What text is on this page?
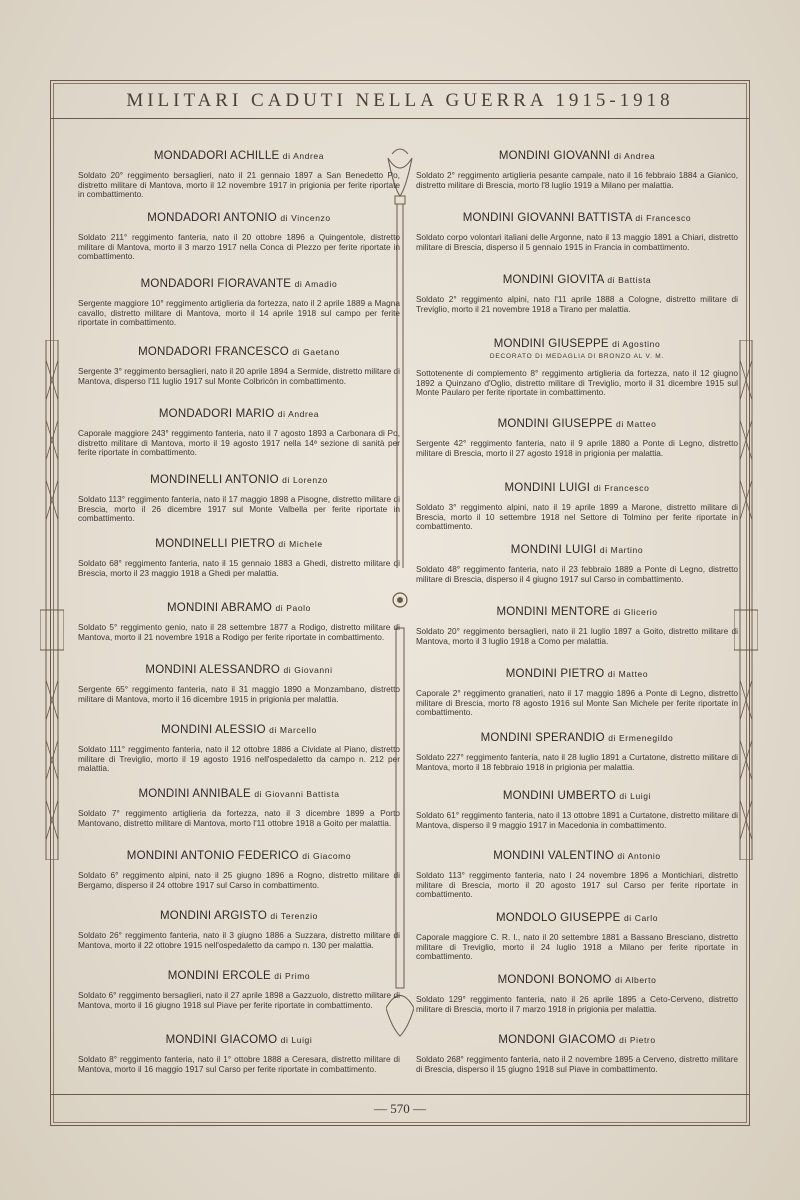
MILITARI CADUTI NELLA GUERRA 1915-1918
— 570 —
MONDADORI ACHILLE di Andrea

Soldato 20° reggimento bersaglieri, nato il 21 gennaio 1897 a San Benedetto Po, distretto militare di Mantova, morto il 12 novembre 1917 in prigionia per ferite riportate in combattimento.

MONDADORI ANTONIO di Vincenzo

Soldato 211° reggimento fanteria, nato il 20 ottobre 1896 a Quingentole, distretto militare di Mantova, morto il 3 marzo 1917 nella Conca di Plezzo per ferite riportate in combattimento.

MONDADORI FIORAVANTE di Amadio

Sergente maggiore 10° reggimento artiglieria da fortezza, nato il 2 aprile 1889 a Magna cavallo, distretto militare di Mantova, morto il 14 aprile 1918 sul campo per ferite riportate in combattimento.

MONDADORI FRANCESCO di Gaetano

Sergente 3° reggimento bersaglieri, nato il 20 aprile 1894 a Sermide, distretto militare di Mantova, disperso l'11 luglio 1917 sul Monte Colbricòn in combattimento.

MONDADORI MARIO di Andrea

Caporale maggiore 243° reggimento fanteria, nato il 7 agosto 1893 a Carbonara di Po, distretto militare di Mantova, morto il 19 agosto 1917 nella 14ª sezione di sanità per ferite riportate in combattimento.

MONDINELLI ANTONIO di Lorenzo

Soldato 113° reggimento fanteria, nato il 17 maggio 1898 a Pisogne, distretto militare di Brescia, morto il 26 dicembre 1917 sul Monte Valbella per ferite riportate in combattimento.

MONDINELLI PIETRO di Michele

Soldato 68° reggimento fanteria, nato il 15 gennaio 1883 a Ghedi, distretto militare di Brescia, morto il 23 maggio 1918 a Ghedi per malattia.

MONDINI ABRAMO di Paolo

Soldato 5° reggimento genio, nato il 28 settembre 1877 a Rodigo, distretto militare di Mantova, morto il 21 novembre 1918 a Rodigo per ferite riportate in combattimento.

MONDINI ALESSANDRO di Giovanni

Sergente 65° reggimento fanteria, nato il 31 maggio 1890 a Monzambano, distretto militare di Mantova, morto il 16 dicembre 1915 in prigionia per malattia.

MONDINI ALESSIO di Marcello

Soldato 111° reggimento fanteria, nato il 12 ottobre 1886 a Cividate al Piano, distretto militare di Treviglio, morto il 19 agosto 1916 nell'ospedaletto da campo n. 212 per malattia.

MONDINI ANNIBALE di Giovanni Battista

Soldato 7° reggimento artiglieria da fortezza, nato il 3 dicembre 1899 a Porto Mantovano, distretto militare di Mantova, morto l'11 ottobre 1918 a Goito per malattia.

MONDINI ANTONIO FEDERICO di Giacomo

Soldato 6° reggimento alpini, nato il 25 giugno 1896 a Rogno, distretto militare di Bergamo, disperso il 24 ottobre 1917 sul Carso in combattimento.

MONDINI ARGISTO di Terenzio

Soldato 26° reggimento fanteria, nato il 3 giugno 1886 a Suzzara, distretto militare di Mantova, morto il 22 ottobre 1915 nell'ospedaletto da campo n. 130 per malattia.

MONDINI ERCOLE di Primo

Soldato 6° reggimento bersaglieri, nato il 27 aprile 1898 a Gazzuolo, distretto militare di Mantova, morto il 16 giugno 1918 sul Piave per ferite riportate in combattimento.

MONDINI GIACOMO di Luigi

Soldato 8° reggimento fanteria, nato il 1° ottobre 1888 a Ceresara, distretto militare di Mantova, morto il 16 maggio 1917 sul Carso per ferite riportate in combattimento.

MONDINI GIOVANNI di Andrea

Soldato 2° reggimento artiglieria pesante campale, nato il 16 febbraio 1884 a Gianico, distretto militare di Brescia, morto l'8 luglio 1919 a Milano per malattia.

MONDINI GIOVANNI BATTISTA di Francesco

Soldato corpo volontari italiani delle Argonne, nato il 13 maggio 1891 a Chiari, distretto militare di Brescia, disperso il 5 gennaio 1915 in Francia in combattimento.

MONDINI GIOVITA di Battista

Soldato 2° reggimento alpini, nato l'11 aprile 1888 a Cologne, distretto militare di Treviglio, morto il 21 novembre 1918 a Tirano per malattia.

MONDINI GIUSEPPE di Agostino
DECORATO DI MEDAGLIA DI BRONZO AL V. M.

Sottotenente di complemento 8° reggimento artiglieria da fortezza, nato il 12 giugno 1892 a Quinzano d'Oglio, distretto militare di Treviglio, morto il 31 dicembre 1915 sul Monte Paularo per ferite riportate in combattimento.

MONDINI GIUSEPPE di Matteo

Sergente 42° reggimento fanteria, nato il 9 aprile 1880 a Ponte di Legno, distretto militare di Brescia, morto il 27 agosto 1918 in prigionia per malattia.

MONDINI LUIGI di Francesco

Soldato 3° reggimento alpini, nato il 19 aprile 1899 a Marone, distretto militare di Brescia, morto il 10 settembre 1918 nel Settore di Tolmino per ferite riportate in combattimento.

MONDINI LUIGI di Martino

Soldato 48° reggimento fanteria, nato il 23 febbraio 1889 a Ponte di Legno, distretto militare di Brescia, disperso il 4 giugno 1917 sul Carso in combattimento.

MONDINI MENTORE di Glicerio

Soldato 20° reggimento bersaglieri, nato il 21 luglio 1897 a Goito, distretto militare di Mantova, morto il 3 luglio 1918 a Como per malattia.

MONDINI PIETRO di Matteo

Caporale 2° reggimento granatieri, nato il 17 maggio 1896 a Ponte di Legno, distretto militare di Brescia, morto l'8 agosto 1916 sul Monte San Michele per ferite riportate in combattimento.

MONDINI SPERANDIO di Ermenegildo

Soldato 227° reggimento fanteria, nato il 28 luglio 1891 a Curtatone, distretto militare di Mantova, morto il 18 febbraio 1918 in prigionia per malattia.

MONDINI UMBERTO di Luigi

Soldato 61° reggimento fanteria, nato il 13 ottobre 1891 a Curtatone, distretto militare di Mantova, disperso il 9 maggio 1917 in Macedonia in combattimento.

MONDINI VALENTINO di Antonio

Soldato 113° reggimento fanteria, nato l 24 novembre 1896 a Montichiari, distretto militare di Brescia, morto il 20 agosto 1917 sul Carso per ferite riportate in combattimento.

MONDOLO GIUSEPPE di Carlo

Caporale maggiore C. R. I., nato il 20 settembre 1881 a Bassano Bresciano, distretto militare di Treviglio, morto il 24 luglio 1918 a Milano per ferite riportate in combattimento.

MONDONI BONOMO di Alberto

Soldato 129° reggimento fanteria, nato il 26 aprile 1895 a Ceto-Cerveno, distretto militare di Brescia, morto il 7 marzo 1918 in prigionia per malattia.

MONDONI GIACOMO di Pietro

Soldato 268° reggimento fanteria, nato il 2 novembre 1895 a Cerveno, distretto militare di Brescia, disperso il 15 giugno 1918 sul Piave in combattimento.
